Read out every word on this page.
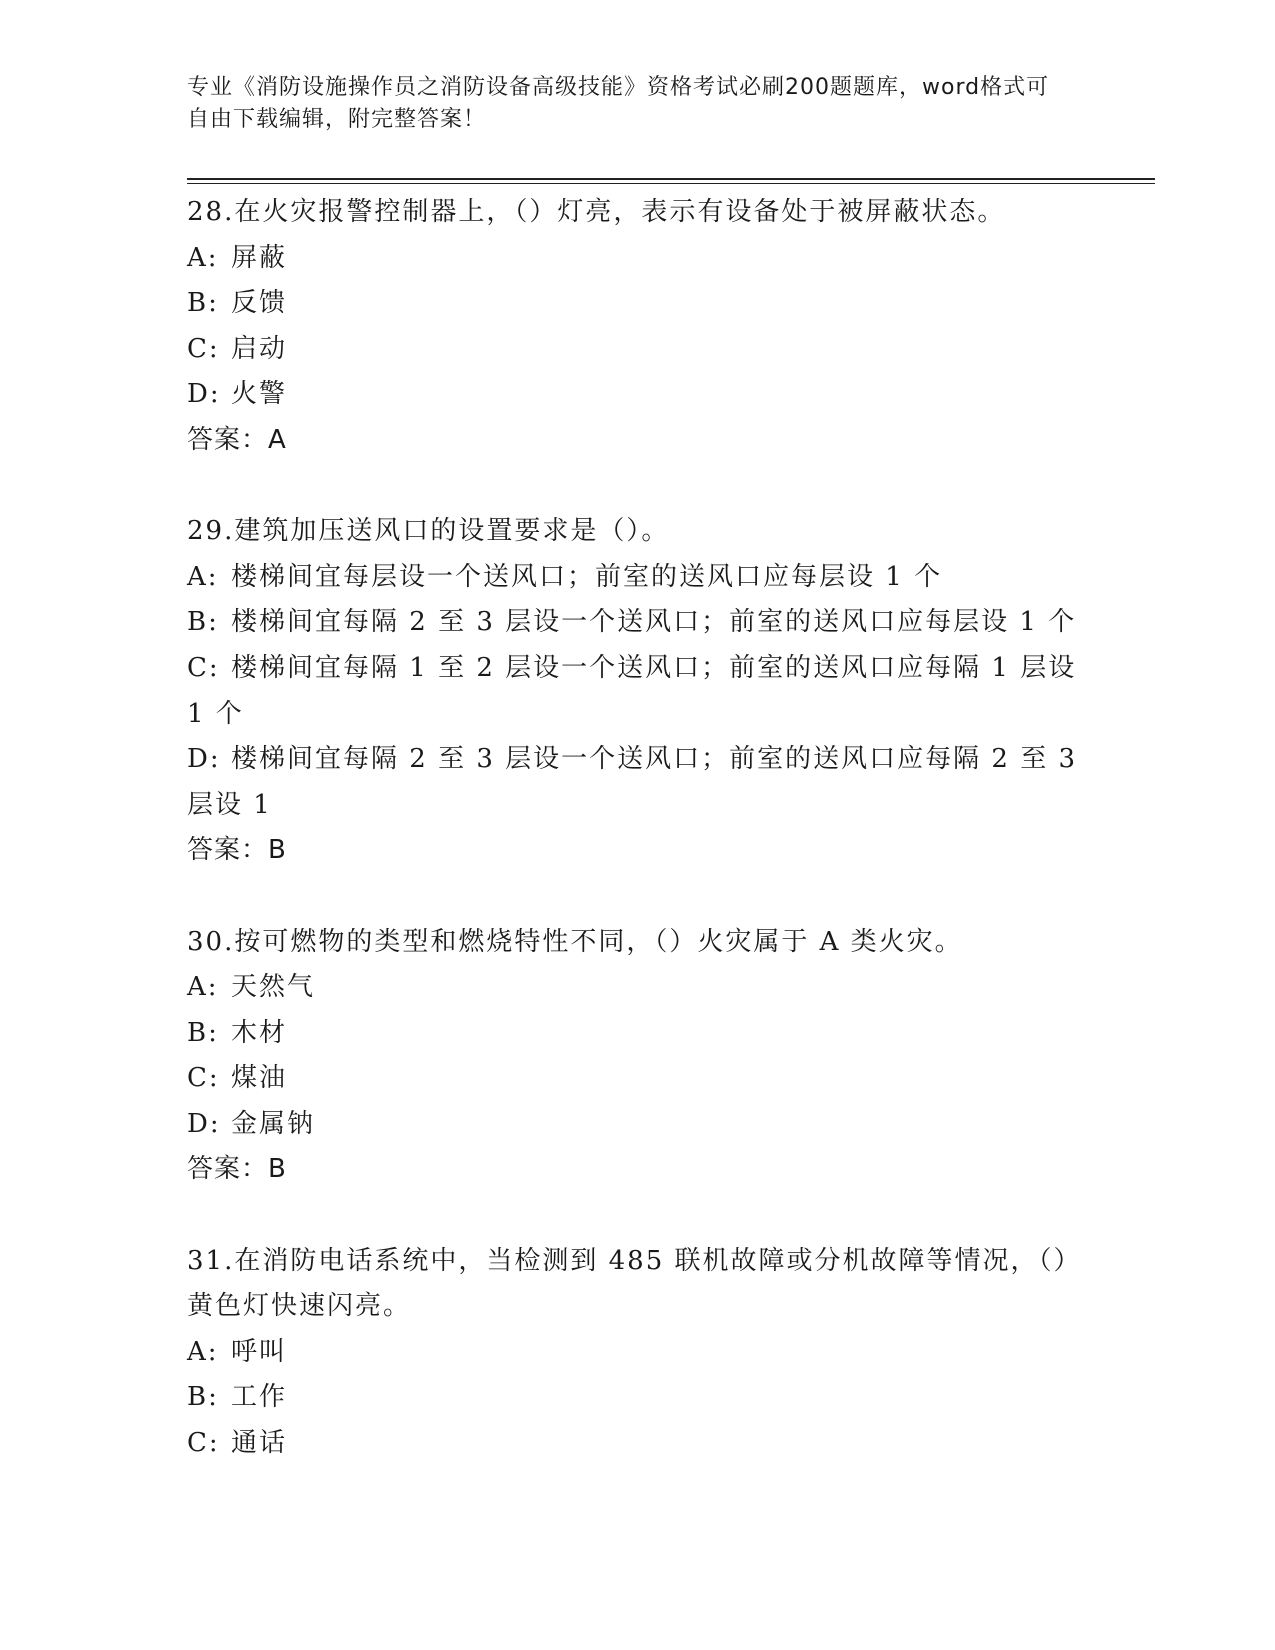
专业《消防设施操作员之消防设备高级技能》资格考试必刷200题题库，word格式可自由下载编辑，附完整答案！

28.在火灾报警控制器上，（）灯亮，表示有设备处于被屏蔽状态。

A: 屏蔽

B: 反馈

C: 启动

D: 火警

答案：A

29.建筑加压送风口的设置要求是（）。

A: 楼梯间宜每层设一个送风口；前室的送风口应每层设 1 个

B: 楼梯间宜每隔 2 至 3 层设一个送风口；前室的送风口应每层设 1 个

C: 楼梯间宜每隔 1 至 2 层设一个送风口；前室的送风口应每隔 1 层设 1 个

D: 楼梯间宜每隔 2 至 3 层设一个送风口；前室的送风口应每隔 2 至 3 层设 1

答案：B

30.按可燃物的类型和燃烧特性不同，（）火灾属于 A 类火灾。

A: 天然气

B: 木材

C: 煤油

D: 金属钠

答案：B

31.在消防电话系统中，当检测到 485 联机故障或分机故障等情况，（）黄色灯快速闪亮。

A: 呼叫

B: 工作

C: 通话
